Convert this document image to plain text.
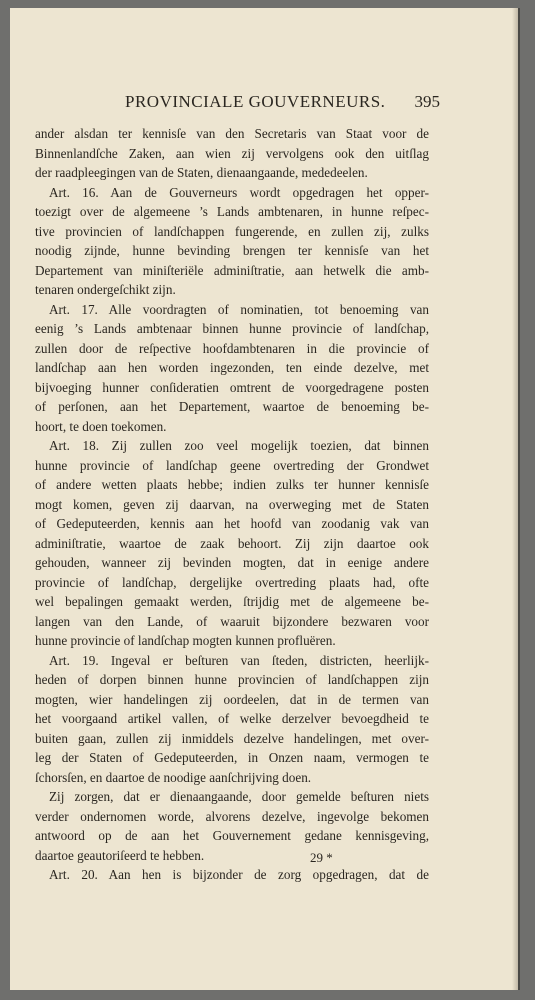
PROVINCIALE GOUVERNEURS. 395
ander alsdan ter kennisſe van den Secretaris van Staat voor de
Binnenlandſche Zaken, aan wien zij vervolgens ook den uitſlag
der raadpleegingen van de Staten, dienaangaande, mededeelen.
Art. 16. Aan de Gouverneurs wordt opgedragen het opper-
toezigt over de algemeene ’s Lands ambtenaren, in hunne reſpec-
tive provincien of landſchappen fungerende, en zullen zij, zulks
noodig zijnde, hunne bevinding brengen ter kennisſe van het
Departement van miniſteriële adminiſtratie, aan hetwelk die amb-
tenaren ondergeſchikt zijn.
Art. 17. Alle voordragten of nominatien, tot benoeming van
eenig ’s Lands ambtenaar binnen hunne provincie of landſchap,
zullen door de reſpective hoofdambtenaren in die provincie of
landſchap aan hen worden ingezonden, ten einde dezelve, met
bijvoeging hunner conſideratien omtrent de voorgedragene posten
of perſonen, aan het Departement, waartoe de benoeming be-
hoort, te doen toekomen.
Art. 18. Zij zullen zoo veel mogelijk toezien, dat binnen
hunne provincie of landſchap geene overtreding der Grondwet
of andere wetten plaats hebbe; indien zulks ter hunner kennisſe
mogt komen, geven zij daarvan, na overweging met de Staten
of Gedeputeerden, kennis aan het hoofd van zoodanig vak van
adminiſtratie, waartoe de zaak behoort. Zij zijn daartoe ook
gehouden, wanneer zij bevinden mogten, dat in eenige andere
provincie of landſchap, dergelijke overtreding plaats had, ofte
wel bepalingen gemaakt werden, ſtrijdig met de algemeene be-
langen van den Lande, of waaruit bijzondere bezwaren voor
hunne provincie of landſchap mogten kunnen profluëren.
Art. 19. Ingeval er beſturen van ſteden, districten, heerlijk-
heden of dorpen binnen hunne provincien of landſchappen zijn
mogten, wier handelingen zij oordeelen, dat in de termen van
het voorgaand artikel vallen, of welke derzelver bevoegdheid te
buiten gaan, zullen zij inmiddels dezelve handelingen, met over-
leg der Staten of Gedeputeerden, in Onzen naam, vermogen te
ſchorsſen, en daartoe de noodige aanſchrijving doen.
Zij zorgen, dat er dienaangaande, door gemelde beſturen niets
verder ondernomen worde, alvorens dezelve, ingevolge bekomen
antwoord op de aan het Gouvernement gedane kennisgeving,
daartoe geautoriſeerd te hebben.
Art. 20. Aan hen is bijzonder de zorg opgedragen, dat de
29 *
